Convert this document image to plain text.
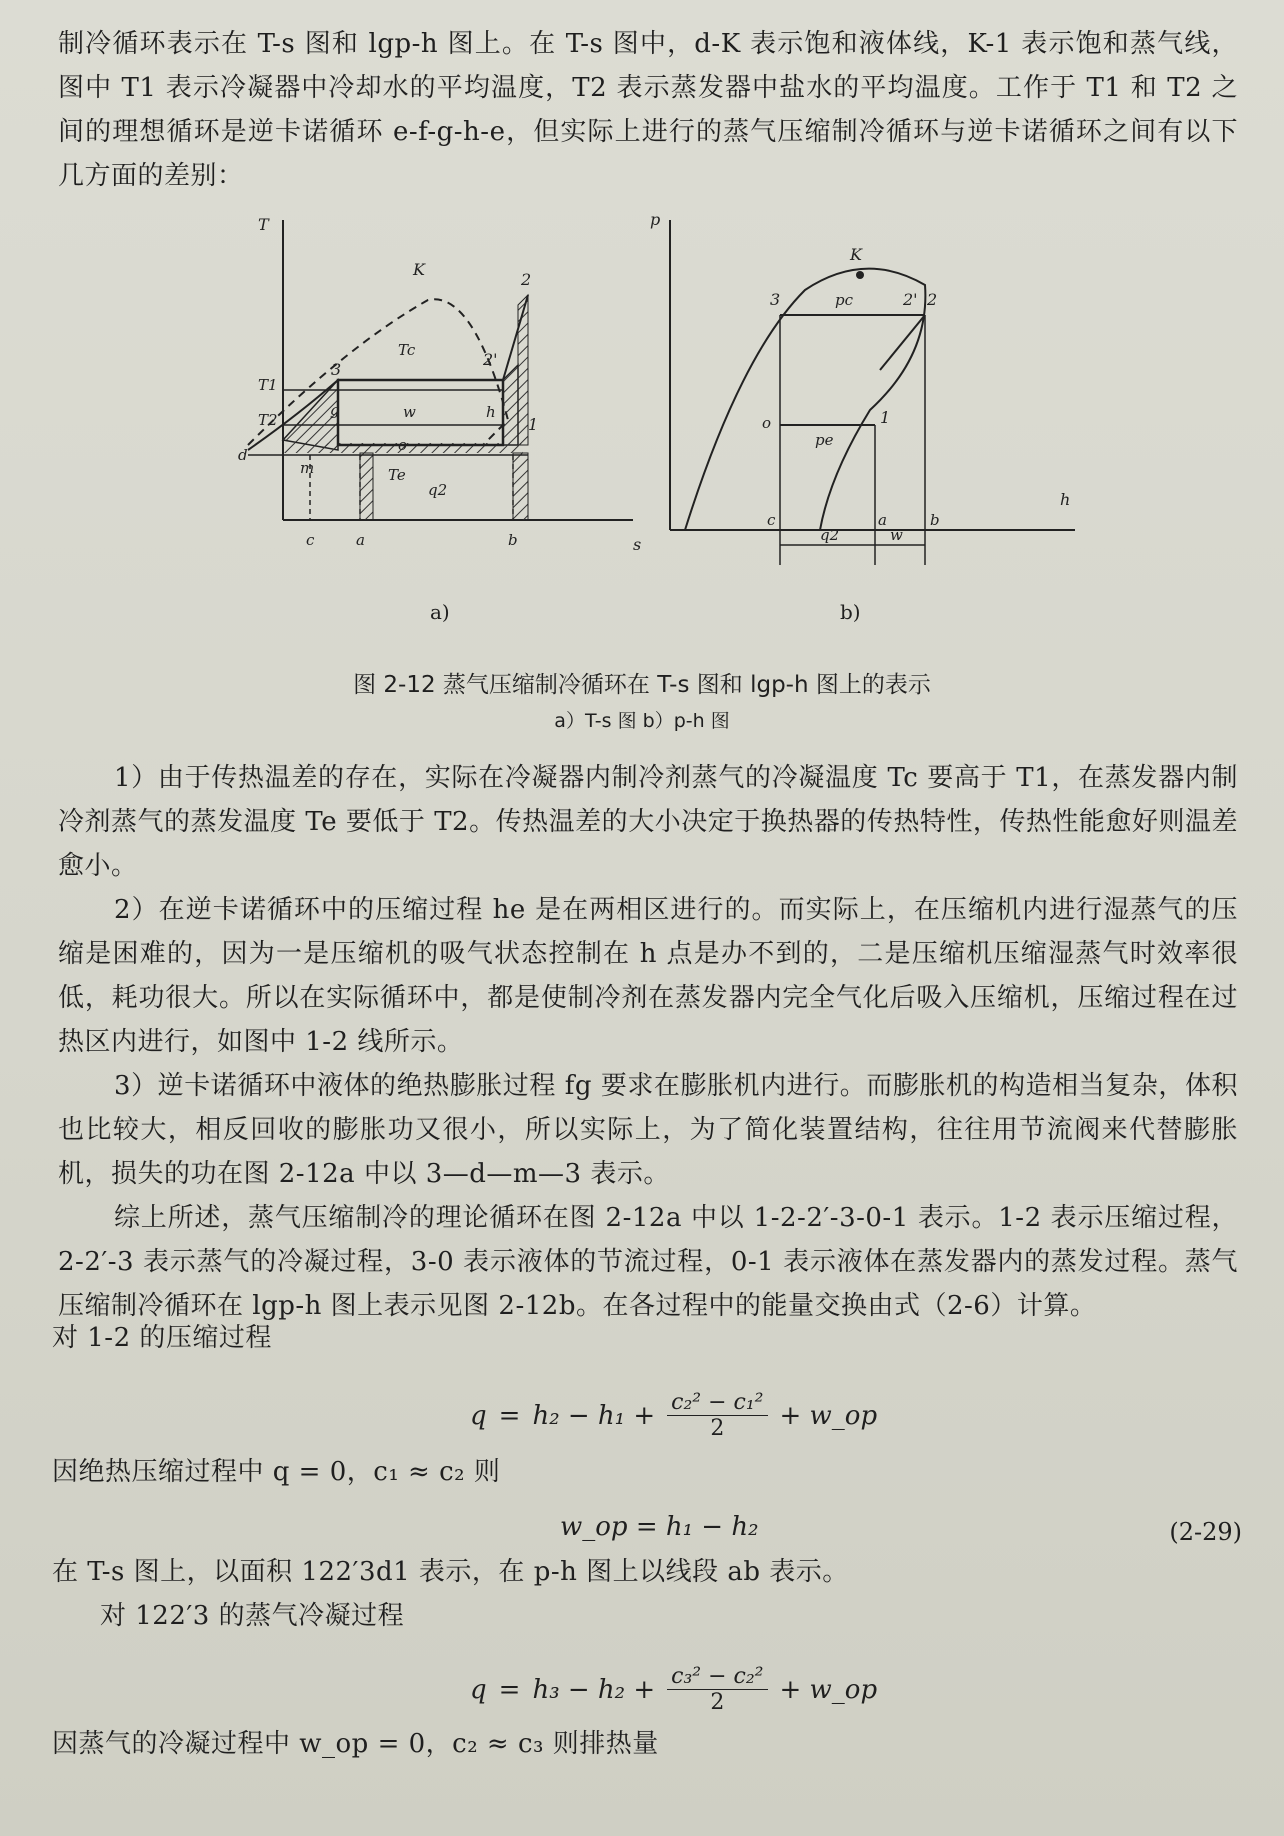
制冷循环表示在 T-s 图和 lgp-h 图上。在 T-s 图中，d-K 表示饱和液体线，K-1 表示饱和蒸气线，图中 T1 表示冷凝器中冷却水的平均温度，T2 表示蒸发器中盐水的平均温度。工作于 T1 和 T2 之间的理想循环是逆卡诺循环 e-f-g-h-e，但实际上进行的蒸气压缩制冷循环与逆卡诺循环之间有以下几方面的差别：

T
s
K
2
2'
3
1
T1
T2
Tc
Te
w
q2
d
m
g	h
o
c	a	b
p
h
K
pc
pe
3	2' 2
1
o
c	a	b
q2	w
a)	b)
图 2-12 蒸气压缩制冷循环在 T-s 图和 lgp-h 图上的表示
a）T-s 图 b）p-h 图

1）由于传热温差的存在，实际在冷凝器内制冷剂蒸气的冷凝温度 Tc 要高于 T1，在蒸发器内制冷剂蒸气的蒸发温度 Te 要低于 T2。传热温差的大小决定于换热器的传热特性，传热性能愈好则温差愈小。

2）在逆卡诺循环中的压缩过程 he 是在两相区进行的。而实际上，在压缩机内进行湿蒸气的压缩是困难的，因为一是压缩机的吸气状态控制在 h 点是办不到的，二是压缩机压缩湿蒸气时效率很低，耗功很大。所以在实际循环中，都是使制冷剂在蒸发器内完全气化后吸入压缩机，压缩过程在过热区内进行，如图中 1-2 线所示。

3）逆卡诺循环中液体的绝热膨胀过程 fg 要求在膨胀机内进行。而膨胀机的构造相当复杂，体积也比较大，相反回收的膨胀功又很小，所以实际上，为了简化装置结构，往往用节流阀来代替膨胀机，损失的功在图 2-12a 中以 3—d—m—3 表示。

综上所述，蒸气压缩制冷的理论循环在图 2-12a 中以 1-2-2′-3-0-1 表示。1-2 表示压缩过程，2-2′-3 表示蒸气的冷凝过程，3-0 表示液体的节流过程，0-1 表示液体在蒸发器内的蒸发过程。蒸气压缩制冷循环在 lgp-h 图上表示见图 2-12b。在各过程中的能量交换由式（2-6）计算。

对 1-2 的压缩过程

$q = h_2 - h_1 + \frac{\text{c₂² − c₁²}}{2}$ + w_op

因绝热压缩过程中 q = 0，c₁ ≈ c₂ 则

w_op = h₁ − h₂	(2-29)

在 T-s 图上，以面积 122′3d1 表示，在 p-h 图上以线段 ab 表示。

对 122′3 的蒸气冷凝过程

$q = h_3 - h_2 + \frac{\text{c₃² − c₂²}}{2}$ + w_op

因蒸气的冷凝过程中 w_op = 0，c₂ ≈ c₃ 则排热量
